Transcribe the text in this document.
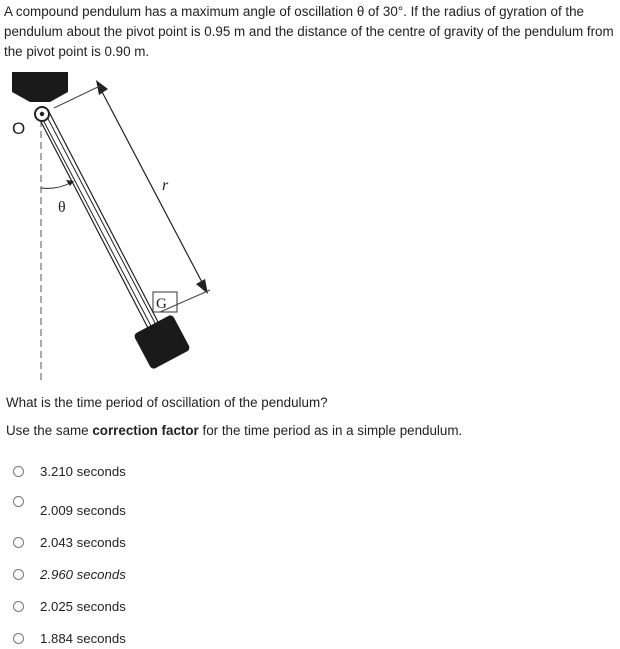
A compound pendulum has a maximum angle of oscillation θ of 30°. If the radius of gyration of the pendulum about the pivot point is 0.95 m and the distance of the centre of gravity of the pendulum from the pivot point is 0.90 m.

G
r
θ
O

What is the time period of oscillation of the pendulum?

Use the same correction factor for the time period as in a simple pendulum.

3.210 seconds
2.009 seconds
2.043 seconds
2.960 seconds
2.025 seconds
1.884 seconds
